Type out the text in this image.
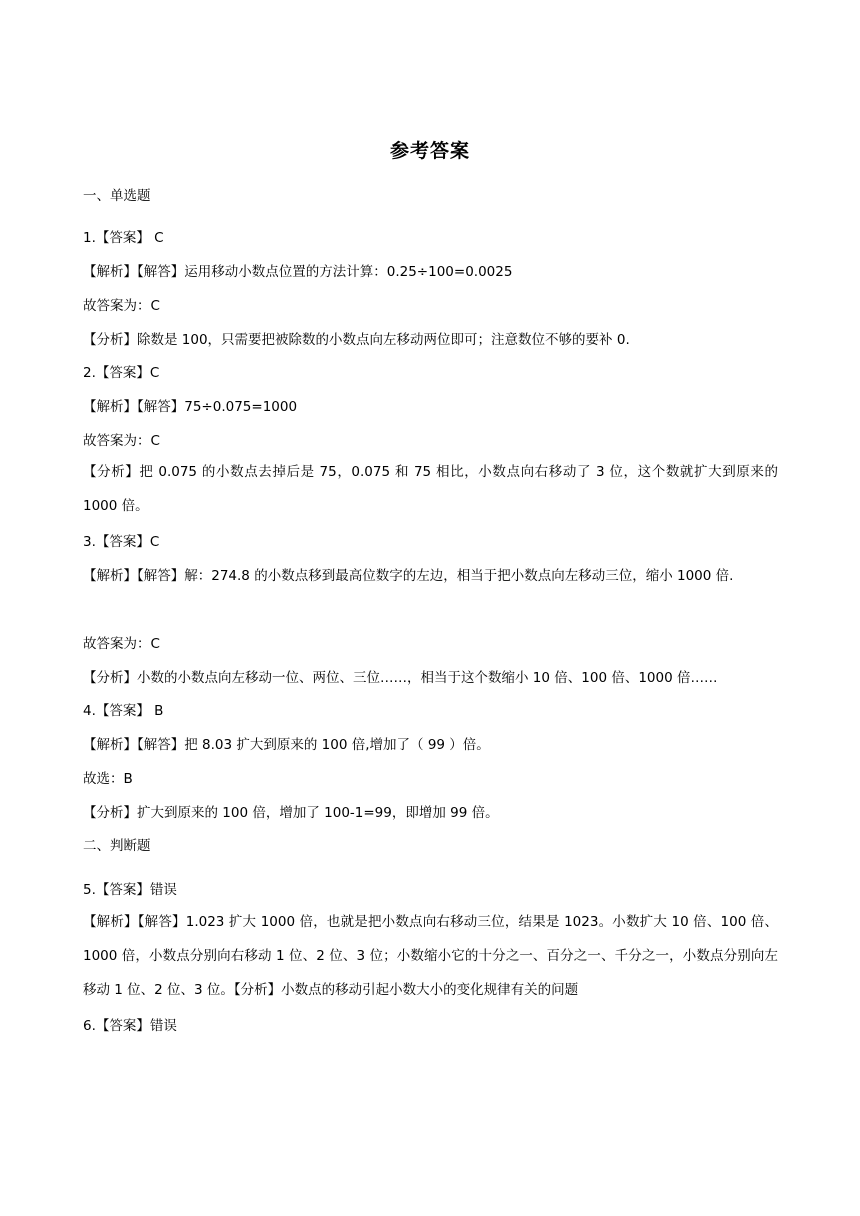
参考答案
一、单选题
1.【答案】 C
【解析】【解答】运用移动小数点位置的方法计算：0.25÷100=0.0025
故答案为：C
【分析】除数是 100，只需要把被除数的小数点向左移动两位即可；注意数位不够的要补 0.
2.【答案】C
【解析】【解答】75÷0.075=1000
故答案为：C
【分析】把 0.075 的小数点去掉后是 75，0.075 和 75 相比，小数点向右移动了 3 位，这个数就扩大到原来的 1000 倍。
3.【答案】C
【解析】【解答】解：274.8 的小数点移到最高位数字的左边，相当于把小数点向左移动三位，缩小 1000 倍.
故答案为：C
【分析】小数的小数点向左移动一位、两位、三位……，相当于这个数缩小 10 倍、100 倍、1000 倍……
4.【答案】 B
【解析】【解答】把 8.03 扩大到原来的 100 倍,增加了（ 99 ）倍。
故选：B
【分析】扩大到原来的 100 倍，增加了 100-1=99，即增加 99 倍。
二、判断题
5.【答案】错误
【解析】【解答】1.023 扩大 1000 倍，也就是把小数点向右移动三位，结果是 1023。小数扩大 10 倍、100 倍、1000 倍，小数点分别向右移动 1 位、2 位、3 位；小数缩小它的十分之一、百分之一、千分之一，小数点分别向左移动 1 位、2 位、3 位。【分析】小数点的移动引起小数大小的变化规律有关的问题
6.【答案】错误
